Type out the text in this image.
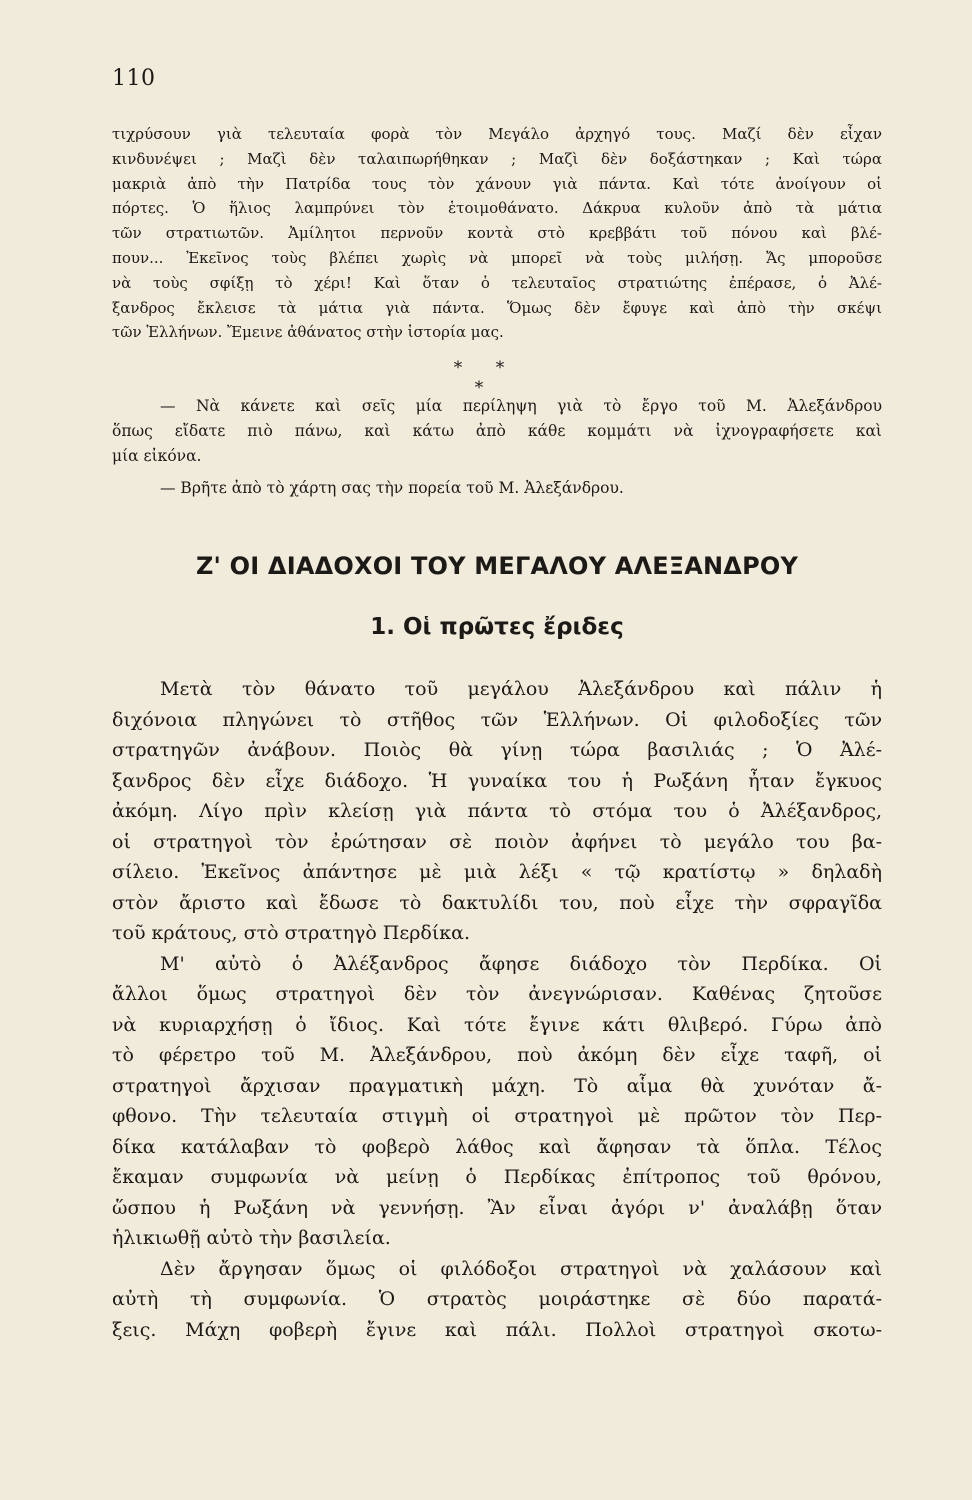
110
τιχρύσουν γιὰ τελευταία φορὰ τὸν Μεγάλο ἀρχηγό τους. Μαζί δὲν εἶχαν
κινδυνέψει ; Μαζὶ δὲν ταλαιπωρήθηκαν ; Μαζὶ δὲν δοξάστηκαν ; Καὶ τώρα
μακριὰ ἀπὸ τὴν Πατρίδα τους τὸν χάνουν γιὰ πάντα. Καὶ τότε ἀνοίγουν οἱ
πόρτες. Ὁ ἥλιος λαμπρύνει τὸν ἑτοιμοθάνατο. Δάκρυα κυλοῦν ἀπὸ τὰ μάτια
τῶν στρατιωτῶν. Ἀμίλητοι περνοῦν κοντὰ στὸ κρεββάτι τοῦ πόνου καὶ βλέ-
πουν... Ἐκεῖνος τοὺς βλέπει χωρὶς νὰ μπορεῖ νὰ τοὺς μιλήσῃ. Ἄς μποροῦσε
νὰ τοὺς σφίξῃ τὸ χέρι! Καὶ ὅταν ὁ τελευταῖος στρατιώτης ἐπέρασε, ὁ Ἀλέ-
ξανδρος ἔκλεισε τὰ μάτια γιὰ πάντα. Ὅμως δὲν ἔφυγε καὶ ἀπὸ τὴν σκέψι
τῶν Ἑλλήνων. Ἔμεινε ἀθάνατος στὴν ἱστορία μας.
* * *
— Νὰ κάνετε καὶ σεῖς μία περίληψη γιὰ τὸ ἔργο τοῦ Μ. Ἀλεξάνδρου
ὅπως εἴδατε πιὸ πάνω, καὶ κάτω ἀπὸ κάθε κομμάτι νὰ ἰχνογραφήσετε καὶ
μία εἰκόνα.
— Βρῆτε ἀπὸ τὸ χάρτη σας τὴν πορεία τοῦ Μ. Ἀλεξάνδρου.
Ζ' ΟΙ ΔΙΑΔΟΧΟΙ ΤΟΥ ΜΕΓΑΛΟΥ ΑΛΕΞΑΝΔΡΟΥ
1. Οἱ πρῶτες ἔριδες
Μετὰ τὸν θάνατο τοῦ μεγάλου Ἀλεξάνδρου καὶ πάλιν ἡ
διχόνοια πληγώνει τὸ στῆθος τῶν Ἑλλήνων. Οἱ φιλοδοξίες τῶν
στρατηγῶν ἀνάβουν. Ποιὸς θὰ γίνῃ τώρα βασιλιάς ; Ὁ Ἀλέ-
ξανδρος δὲν εἶχε διάδοχο. Ἡ γυναίκα του ἡ Ρωξάνη ἦταν ἔγκυος
ἀκόμη. Λίγο πρὶν κλείσῃ γιὰ πάντα τὸ στόμα του ὁ Ἀλέξανδρος,
οἱ στρατηγοὶ τὸν ἐρώτησαν σὲ ποιὸν ἀφήνει τὸ μεγάλο του βα-
σίλειο. Ἐκεῖνος ἀπάντησε μὲ μιὰ λέξι « τῷ κρατίστῳ » δηλαδὴ
στὸν ἄριστο καὶ ἔδωσε τὸ δακτυλίδι του, ποὺ εἶχε τὴν σφραγῖδα
τοῦ κράτους, στὸ στρατηγὸ Περδίκα.
Μ' αὐτὸ ὁ Ἀλέξανδρος ἄφησε διάδοχο τὸν Περδίκα. Οἱ
ἄλλοι ὅμως στρατηγοὶ δὲν τὸν ἀνεγνώρισαν. Καθένας ζητοῦσε
νὰ κυριαρχήσῃ ὁ ἴδιος. Καὶ τότε ἔγινε κάτι θλιβερό. Γύρω ἀπὸ
τὸ φέρετρο τοῦ Μ. Ἀλεξάνδρου, ποὺ ἀκόμη δὲν εἶχε ταφῆ, οἱ
στρατηγοὶ ἄρχισαν πραγματικὴ μάχη. Τὸ αἷμα θὰ χυνόταν ἄ-
φθονο. Τὴν τελευταία στιγμὴ οἱ στρατηγοὶ μὲ πρῶτον τὸν Περ-
δίκα κατάλαβαν τὸ φοβερὸ λάθος καὶ ἄφησαν τὰ ὅπλα. Τέλος
ἔκαμαν συμφωνία νὰ μείνῃ ὁ Περδίκας ἐπίτροπος τοῦ θρόνου,
ὥσπου ἡ Ρωξάνη νὰ γεννήσῃ. Ἂν εἶναι ἀγόρι ν' ἀναλάβῃ ὅταν
ἡλικιωθῇ αὐτὸ τὴν βασιλεία.
Δὲν ἄργησαν ὅμως οἱ φιλόδοξοι στρατηγοὶ νὰ χαλάσουν καὶ
αὐτὴ τὴ συμφωνία. Ὁ στρατὸς μοιράστηκε σὲ δύο παρατά-
ξεις. Μάχη φοβερὴ ἔγινε καὶ πάλι. Πολλοὶ στρατηγοὶ σκοτω-
